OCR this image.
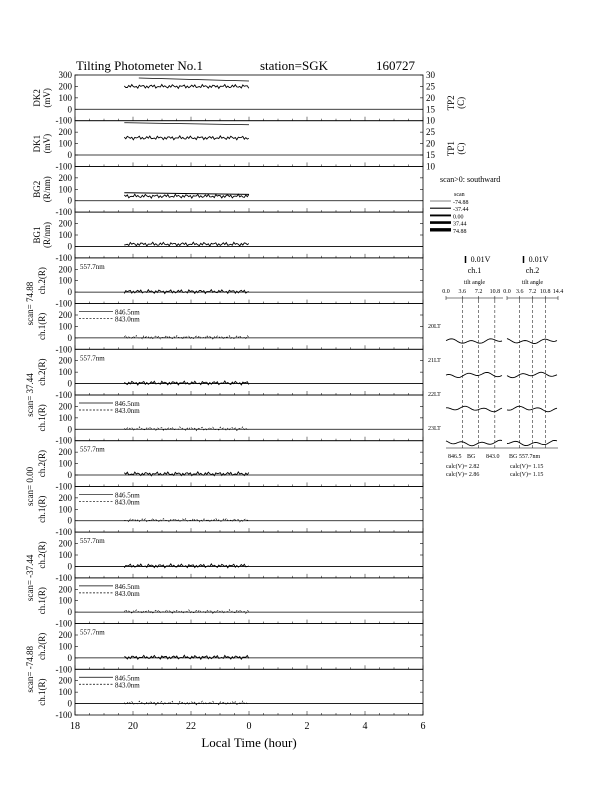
Tilting Photometer No.1	station=SGK	160727
300
200
100
0
-100
DK2 (mV)
30
25
20
15
10
TP2 (C)
200
100
0
-100
DK1 (mV)
25
20
15
10
TP1 (C)
200
100
0
-100
BG2 (R/nm)
200
100
0
-100
BG1 (R/nm)
200
100
0
-100
ch.2(R)
557.7nm
200
100
0
-100
ch.1(R)
846.5nm
843.0nm
200
100
0
-100
ch.2(R)
557.7nm
200
100
0
-100
ch.1(R)
846.5nm
843.0nm
200
100
0
-100
ch.2(R)
557.7nm
200
100
0
-100
ch.1(R)
846.5nm
843.0nm
200
100
0
-100
ch.2(R)
557.7nm
200
100
0
-100
ch.1(R)
846.5nm
843.0nm
200
100
0
-100
ch.2(R)
557.7nm
200
100
0
-100
ch.1(R)
846.5nm
843.0nm
scan= 74.88
scan= 37.44
scan= 0.00
scan= -37.44
scan= -74.88
18	20	22	0	2	4	6
Local Time (hour)
scan>0: southward
scan
-74.88
-37.44
0.00
37.44
74.88
0.01V
ch.1
tilt angle
0.0 3.6 7.2 10.8
0.01V
ch.2
tilt angle
0.0 3.6 7.2 10.8 14.4
20LT
21LT
22LT
23LT
846.5 BG 843.0 BG 557.7nm
calc(V)= 2.82
calc(V)= 2.86
calc(V)= 1.15
calc(V)= 1.15
